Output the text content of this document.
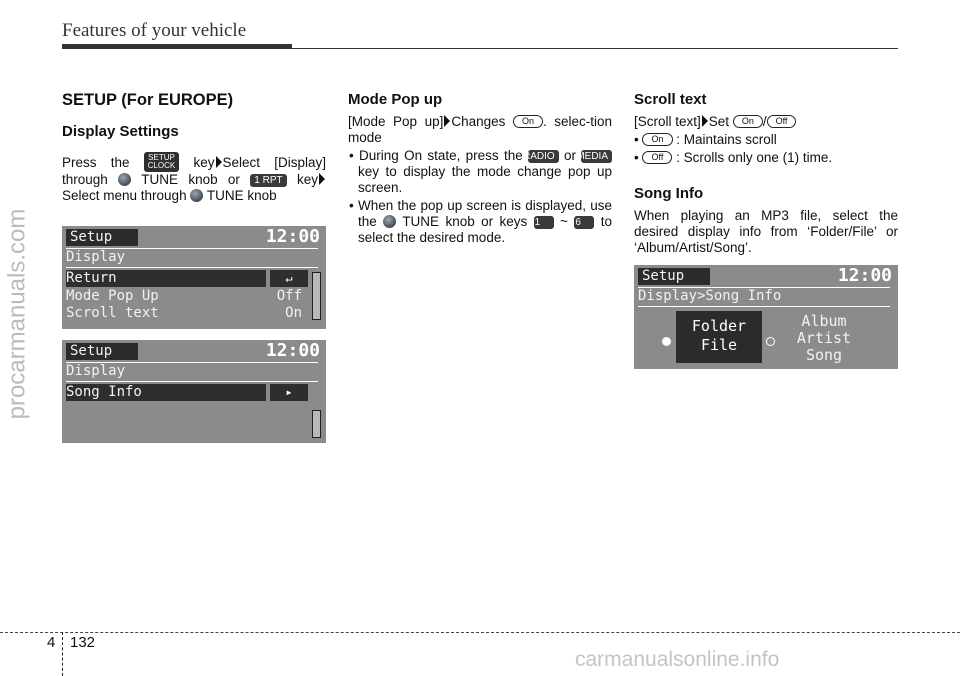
Features of your vehicle
procarmanuals.com
SETUP (For EUROPE)
Display Settings

Press the SETUP
CLOCK key Select [Display] through TUNE knob or 1 RPT key Select menu through TUNE knob

Setup	12:00
Display
Return	↵
Mode Pop Up	Off
Scroll text	On
Setup	12:00
Display
Song Info	▸
Mode Pop up

[Mode Pop up] Changes On . selec-tion mode

• During On state, press the RADIO or MEDIA key to display the mode change pop up screen.

• When the pop up screen is displayed, use the TUNE knob or keys 1 ~ 6 to select the desired mode.

Scroll text

[Scroll text] Set On / Off

• On : Maintains scroll

• Off : Scrolls only one (1) time.

Song Info

When playing an MP3 file, select the desired display info from ‘Folder/File’ or ‘Album/Artist/Song’.

Setup	12:00
Display>Song Info
Folder
File
Album
Artist
Song
4 132
carmanualsonline.info
